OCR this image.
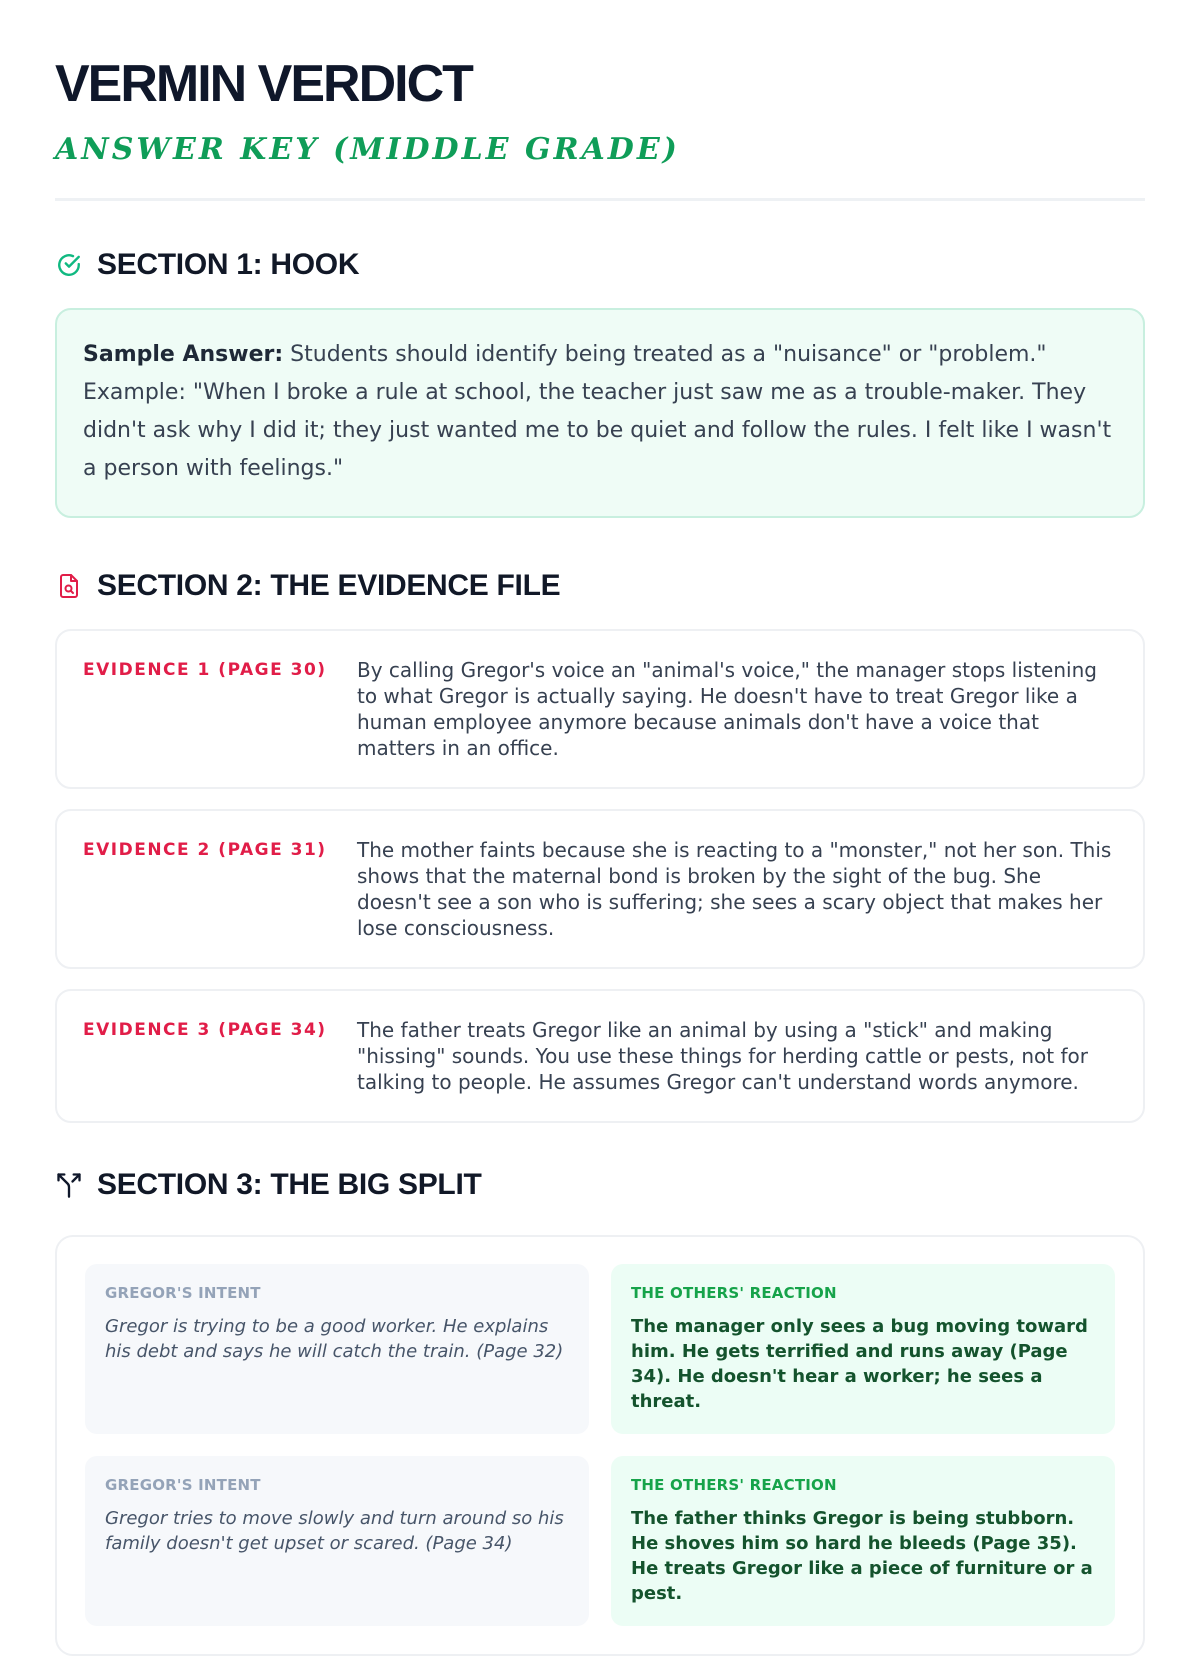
VERMIN VERDICT
ANSWER KEY (MIDDLE GRADE)
SECTION 1: HOOK
Sample Answer: Students should identify being treated as a "nuisance" or "problem." Example: "When I broke a rule at school, the teacher just saw me as a trouble-maker. They didn't ask why I did it; they just wanted me to be quiet and follow the rules. I felt like I wasn't a person with feelings."
SECTION 2: THE EVIDENCE FILE
EVIDENCE 1 (PAGE 30)	By calling Gregor's voice an "animal's voice," the manager stops listening to what Gregor is actually saying. He doesn't have to treat Gregor like a human employee anymore because animals don't have a voice that matters in an office.
EVIDENCE 2 (PAGE 31)	The mother faints because she is reacting to a "monster," not her son. This shows that the maternal bond is broken by the sight of the bug. She doesn't see a son who is suffering; she sees a scary object that makes her lose consciousness.
EVIDENCE 3 (PAGE 34)	The father treats Gregor like an animal by using a "stick" and making "hissing" sounds. You use these things for herding cattle or pests, not for talking to people. He assumes Gregor can't understand words anymore.
SECTION 3: THE BIG SPLIT
GREGOR'S INTENT
Gregor is trying to be a good worker. He explains his debt and says he will catch the train. (Page 32)
THE OTHERS' REACTION
The manager only sees a bug moving toward him. He gets terrified and runs away (Page 34). He doesn't hear a worker; he sees a threat.
GREGOR'S INTENT
Gregor tries to move slowly and turn around so his family doesn't get upset or scared. (Page 34)
THE OTHERS' REACTION
The father thinks Gregor is being stubborn. He shoves him so hard he bleeds (Page 35). He treats Gregor like a piece of furniture or a pest.
